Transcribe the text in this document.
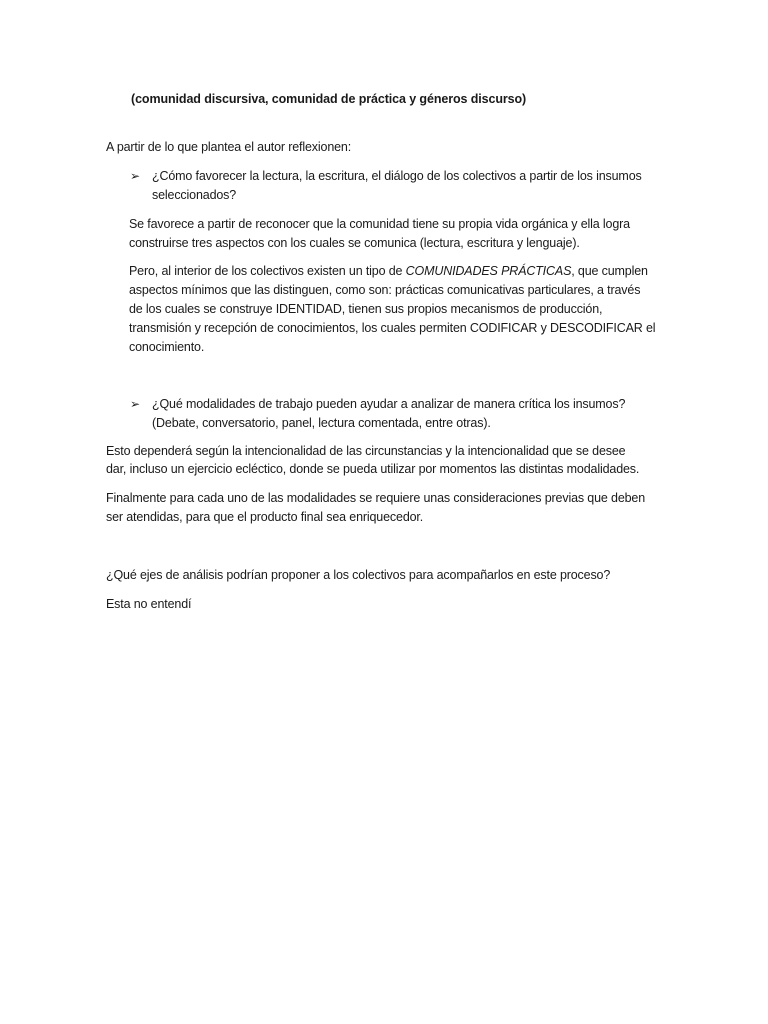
(comunidad discursiva, comunidad de práctica y géneros discurso)
A partir de lo que plantea el autor reflexionen:
➢ ¿Cómo favorecer la lectura, la escritura, el diálogo de los colectivos a partir de los insumos
seleccionados?
Se favorece a partir de reconocer que la comunidad tiene su propia vida orgánica y ella logra
construirse tres aspectos con los cuales se comunica (lectura, escritura y lenguaje).
Pero, al interior de los colectivos existen un tipo de COMUNIDADES PRÁCTICAS, que cumplen
aspectos mínimos que las distinguen, como son: prácticas comunicativas particulares, a través
de los cuales se construye IDENTIDAD, tienen sus propios mecanismos de producción,
transmisión y recepción de conocimientos, los cuales permiten CODIFICAR y DESCODIFICAR el
conocimiento.
➢ ¿Qué modalidades de trabajo pueden ayudar a analizar de manera crítica los insumos?
(Debate, conversatorio, panel, lectura comentada, entre otras).
Esto dependerá según la intencionalidad de las circunstancias y la intencionalidad que se desee
dar, incluso un ejercicio ecléctico, donde se pueda utilizar por momentos las distintas modalidades.
Finalmente para cada uno de las modalidades se requiere unas consideraciones previas que deben
ser atendidas, para que el producto final sea enriquecedor.
¿Qué ejes de análisis podrían proponer a los colectivos para acompañarlos en este proceso?
Esta no entendí
